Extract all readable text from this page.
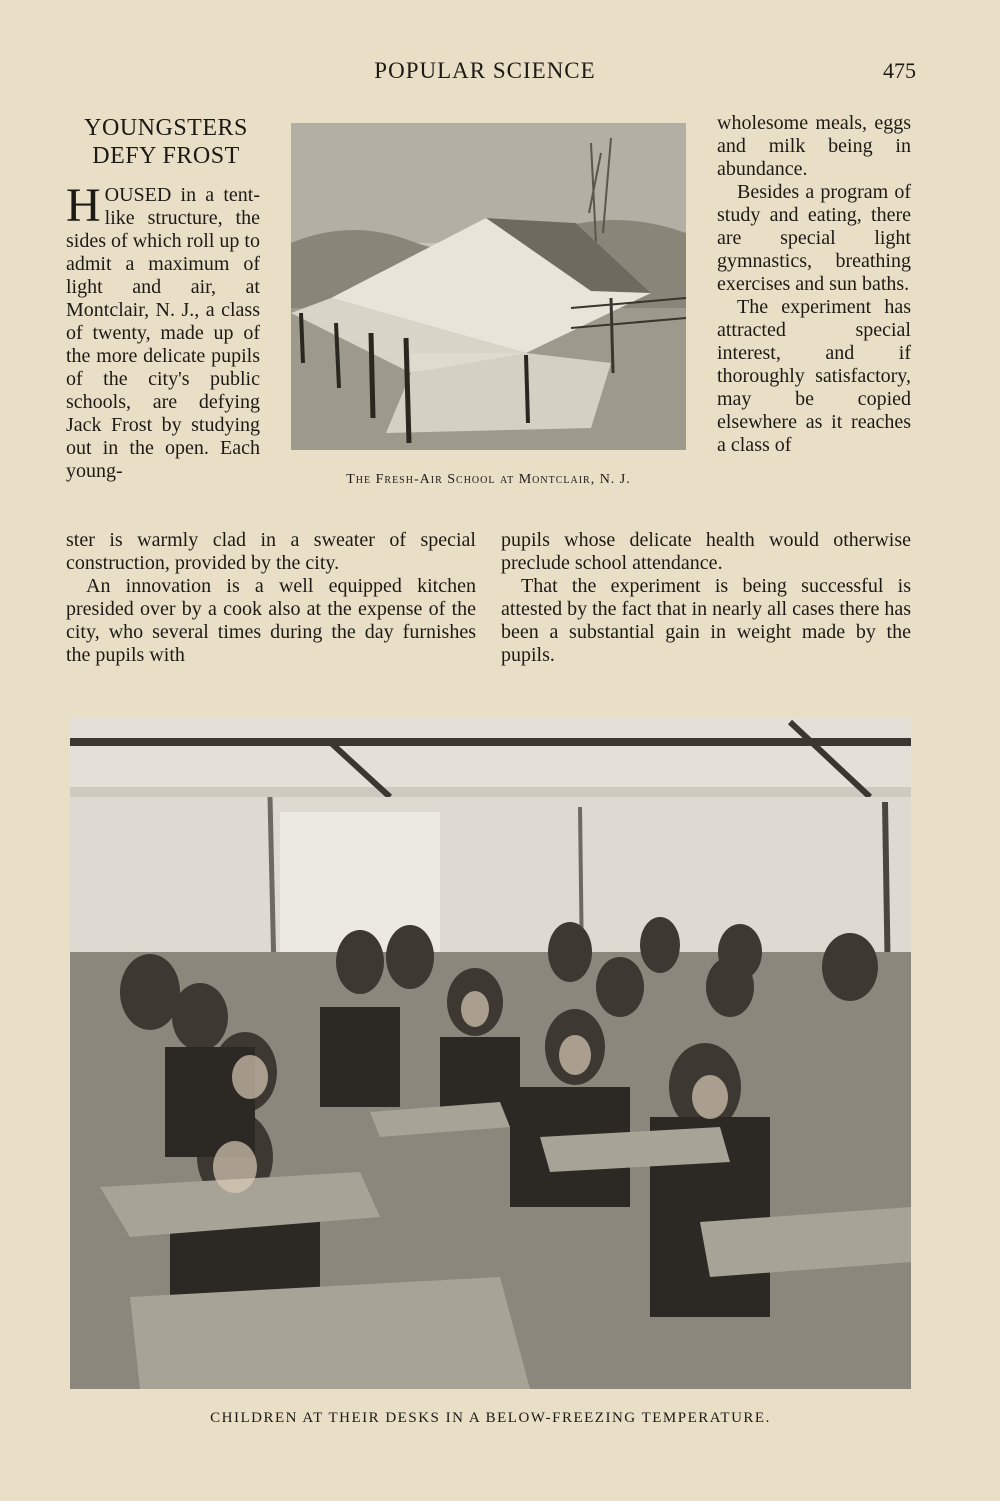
POPULAR SCIENCE	475
YOUNGSTERS
DEFY FROST

HOUSED in a tent-like structure, the sides of which roll up to admit a maximum of light and air, at Montclair, N. J., a class of twenty, made up of the more delicate pupils of the city's public schools, are defying Jack Frost by studying out in the open. Each young-	The Fresh-Air School at Montclair, N. J.

wholesome meals, eggs and milk being in abundance.

Besides a program of study and eating, there are special light gymnastics, breathing exercises and sun baths.

The experiment has attracted special interest, and if thoroughly satisfactory, may be copied elsewhere as it reaches a class of

ster is warmly clad in a sweater of special construction, provided by the city.

An innovation is a well equipped kitchen presided over by a cook also at the expense of the city, who several times during the day furnishes the pupils with

pupils whose delicate health would otherwise preclude school attendance.

That the experiment is being successful is attested by the fact that in nearly all cases there has been a substantial gain in weight made by the pupils.

CHILDREN AT THEIR DESKS IN A BELOW-FREEZING TEMPERATURE.
